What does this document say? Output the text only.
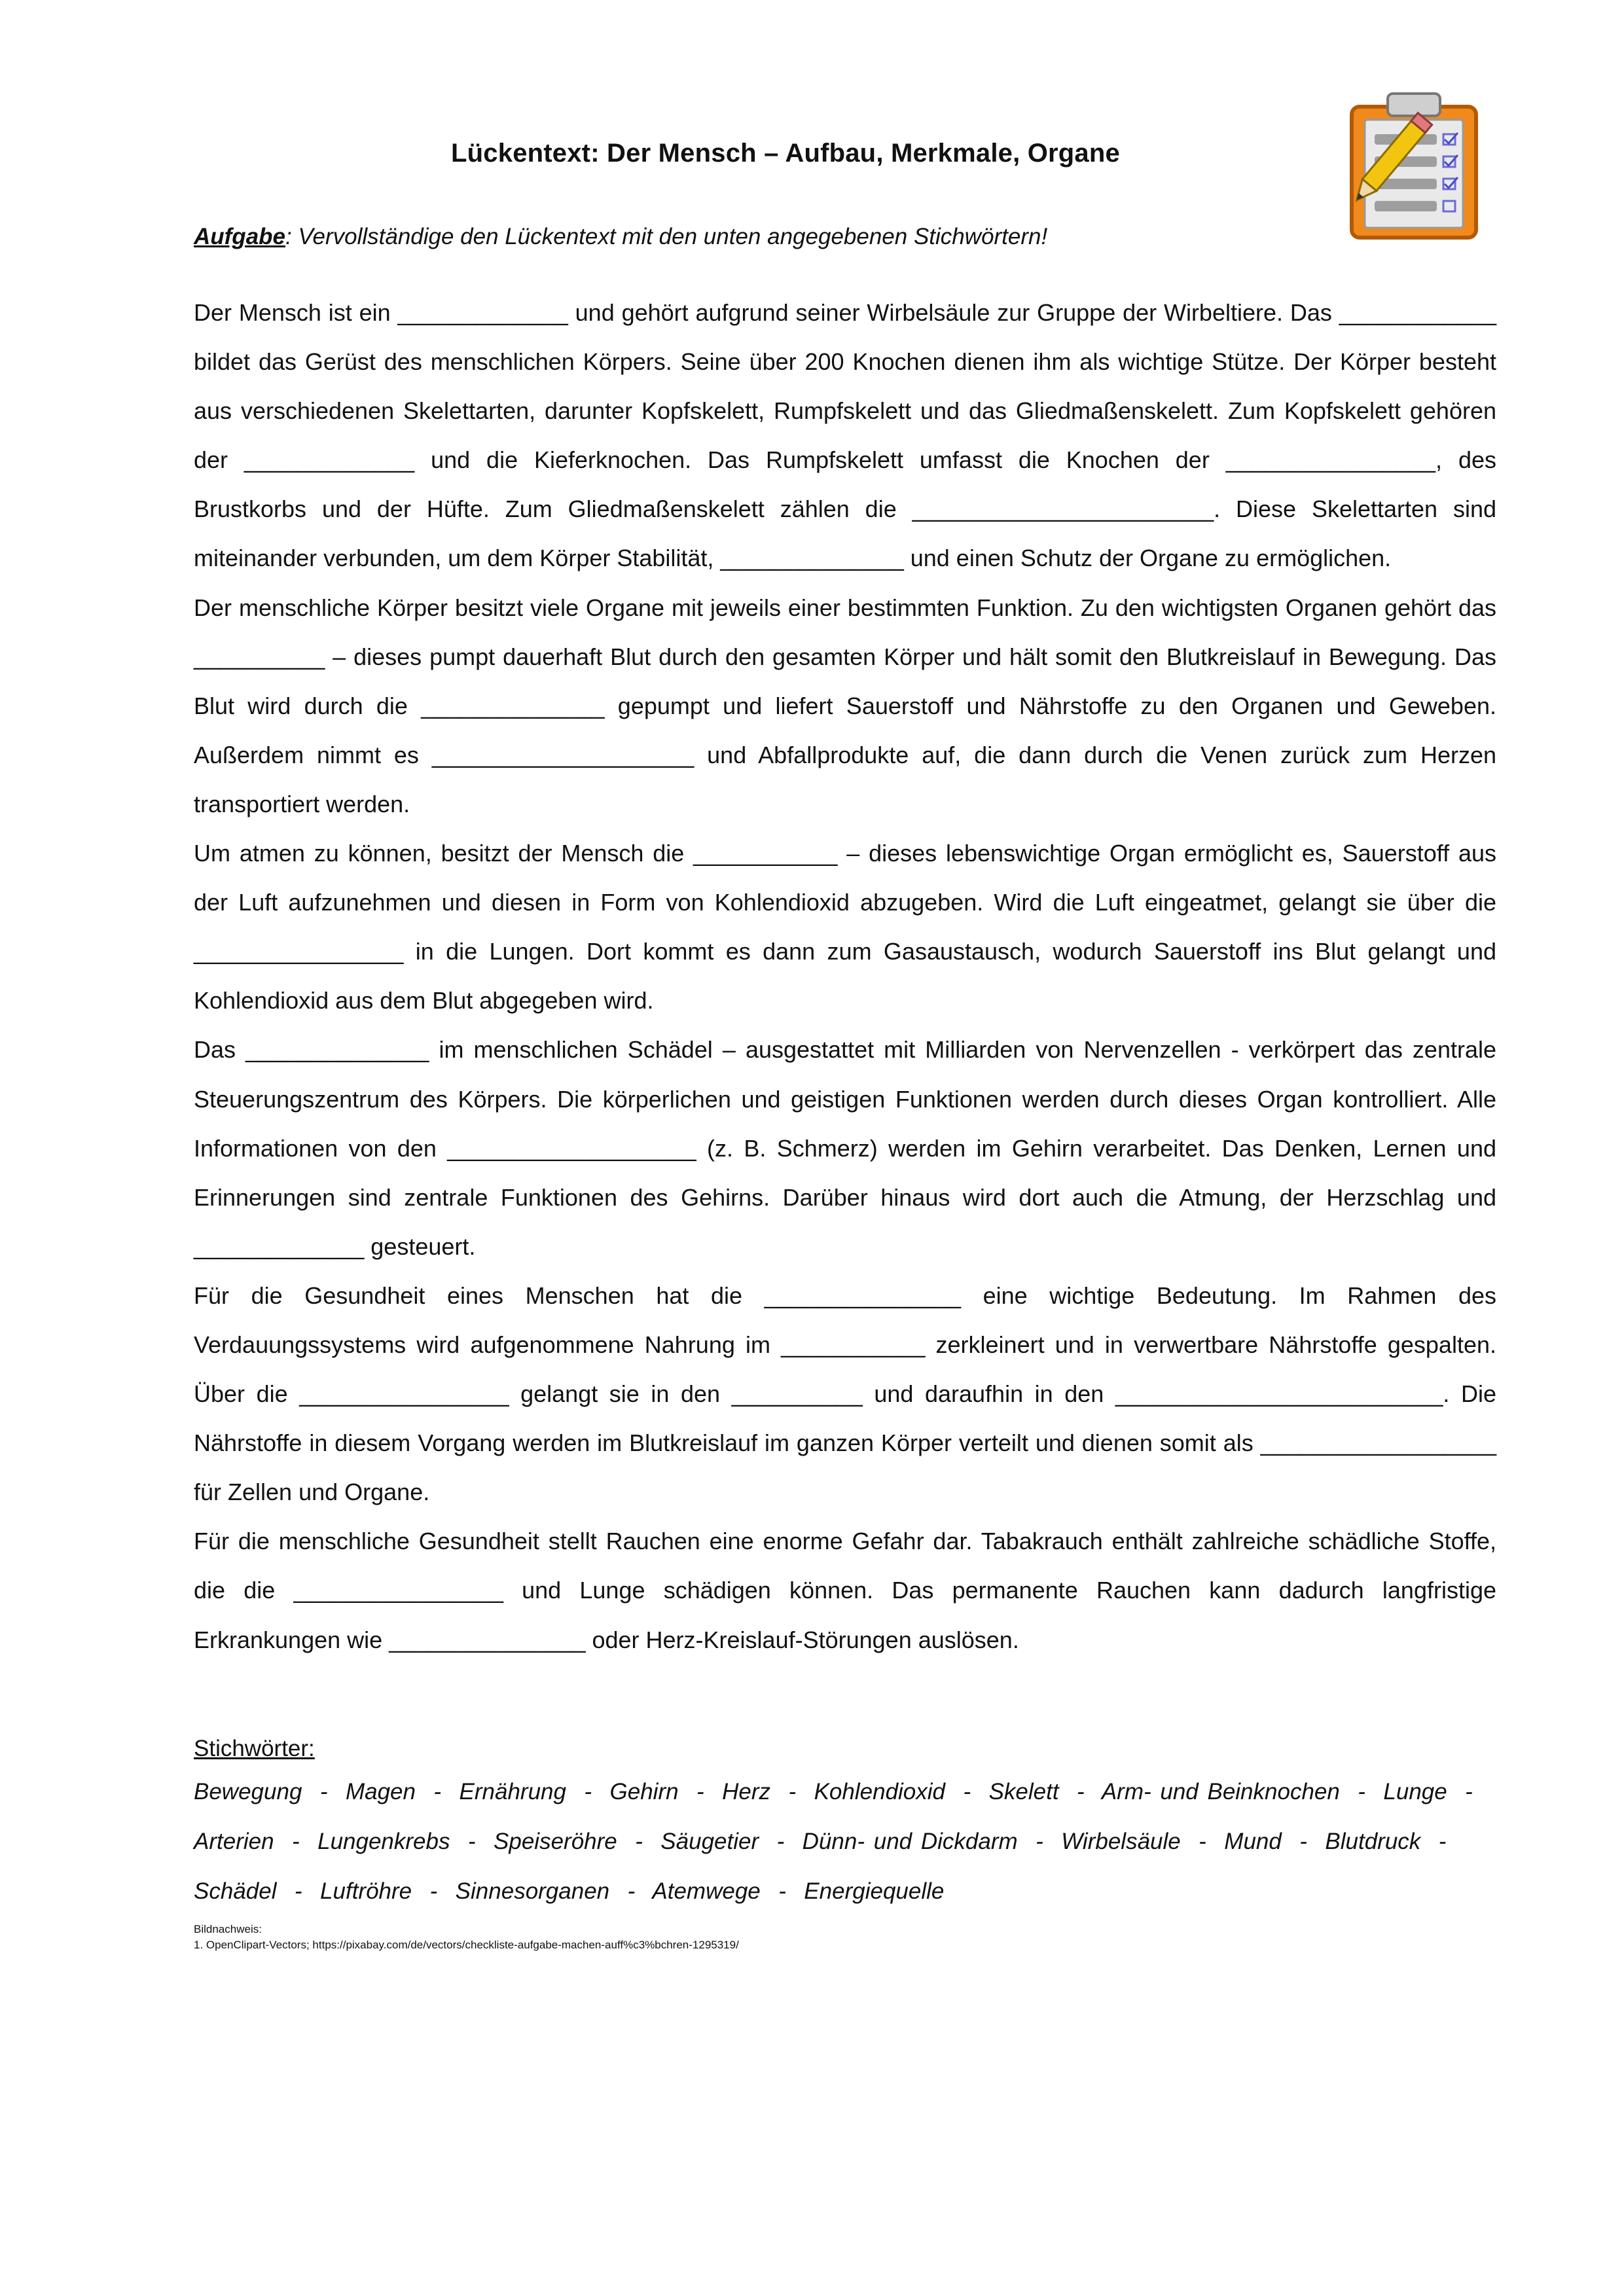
Lückentext: Der Mensch – Aufbau, Merkmale, Organe
Aufgabe: Vervollständige den Lückentext mit den unten angegebenen Stichwörtern!

Der Mensch ist ein _____________ und gehört aufgrund seiner Wirbelsäule zur Gruppe der Wirbeltiere. Das ____________ bildet das Gerüst des menschlichen Körpers. Seine über 200 Knochen dienen ihm als wichtige Stütze. Der Körper besteht aus verschiedenen Skelettarten, darunter Kopfskelett, Rumpfskelett und das Gliedmaßenskelett. Zum Kopfskelett gehören der _____________ und die Kieferknochen. Das Rumpfskelett umfasst die Knochen der ________________, des Brustkorbs und der Hüfte. Zum Gliedmaßenskelett zählen die _______________________. Diese Skelettarten sind miteinander verbunden, um dem Körper Stabilität, ______________ und einen Schutz der Organe zu ermöglichen.

Der menschliche Körper besitzt viele Organe mit jeweils einer bestimmten Funktion. Zu den wichtigsten Organen gehört das __________ – dieses pumpt dauerhaft Blut durch den gesamten Körper und hält somit den Blutkreislauf in Bewegung. Das Blut wird durch die ______________ gepumpt und liefert Sauerstoff und Nährstoffe zu den Organen und Geweben. Außerdem nimmt es ____________________ und Abfallprodukte auf, die dann durch die Venen zurück zum Herzen transportiert werden.

Um atmen zu können, besitzt der Mensch die ___________ – dieses lebenswichtige Organ ermöglicht es, Sauerstoff aus der Luft aufzunehmen und diesen in Form von Kohlendioxid abzugeben. Wird die Luft eingeatmet, gelangt sie über die ________________ in die Lungen. Dort kommt es dann zum Gasaustausch, wodurch Sauerstoff ins Blut gelangt und Kohlendioxid aus dem Blut abgegeben wird.

Das ______________ im menschlichen Schädel – ausgestattet mit Milliarden von Nervenzellen - verkörpert das zentrale Steuerungszentrum des Körpers. Die körperlichen und geistigen Funktionen werden durch dieses Organ kontrolliert. Alle Informationen von den ___________________ (z. B. Schmerz) werden im Gehirn verarbeitet. Das Denken, Lernen und Erinnerungen sind zentrale Funktionen des Gehirns. Darüber hinaus wird dort auch die Atmung, der Herzschlag und _____________ gesteuert.

Für die Gesundheit eines Menschen hat die _______________ eine wichtige Bedeutung. Im Rahmen des Verdauungssystems wird aufgenommene Nahrung im ___________ zerkleinert und in verwertbare Nährstoffe gespalten. Über die ________________ gelangt sie in den __________ und daraufhin in den _________________________. Die Nährstoffe in diesem Vorgang werden im Blutkreislauf im ganzen Körper verteilt und dienen somit als __________________ für Zellen und Organe.

Für die menschliche Gesundheit stellt Rauchen eine enorme Gefahr dar. Tabakrauch enthält zahlreiche schädliche Stoffe, die die ________________ und Lunge schädigen können. Das permanente Rauchen kann dadurch langfristige Erkrankungen wie _______________ oder Herz-Kreislauf-Störungen auslösen.

Stichwörter:
Bewegung  -  Magen  -  Ernährung  -  Gehirn  -  Herz  -  Kohlendioxid  -  Skelett  -  Arm- und Beinknochen  -  Lunge  -
Arterien  -  Lungenkrebs  -  Speiseröhre  -  Säugetier  -  Dünn- und Dickdarm  -  Wirbelsäule  -  Mund  -  Blutdruck  -
Schädel  -  Luftröhre  -  Sinnesorganen  -  Atemwege  -  Energiequelle
Bildnachweis:
1. OpenClipart-Vectors; https://pixabay.com/de/vectors/checkliste-aufgabe-machen-auff%c3%bchren-1295319/
